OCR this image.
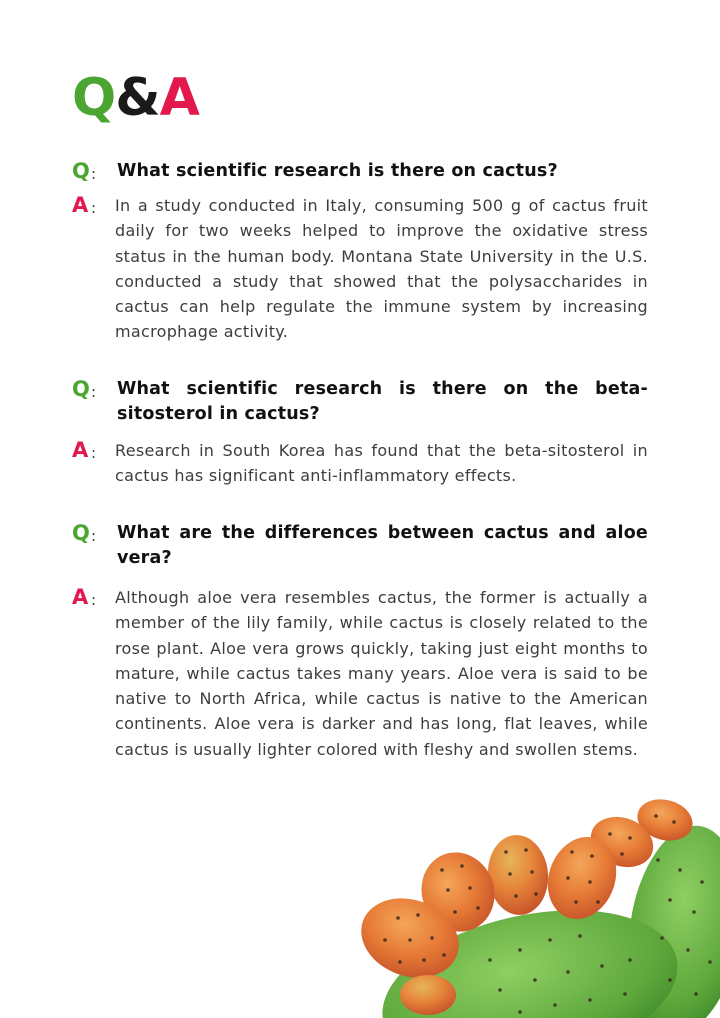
Q&A
Q : What scientific research is there on cactus?
A : In a study conducted in Italy, consuming 500 g of cactus fruit daily for two weeks helped to improve the oxidative stress status in the human body. Montana State University in the U.S. conducted a study that showed that the polysaccharides in cactus can help regulate the immune system by increasing macrophage activity.
Q : What scientific research is there on the beta-sitosterol in cactus?
A : Research in South Korea has found that the beta-sitosterol in cactus has significant anti-inflammatory effects.
Q : What are the differences between cactus and aloe vera?
A : Although aloe vera resembles cactus, the former is actually a member of the lily family, while cactus is closely related to the rose plant. Aloe vera grows quickly, taking just eight months to mature, while cactus takes many years. Aloe vera is said to be native to North Africa, while cactus is native to the American continents. Aloe vera is darker and has long, flat leaves, while cactus is usually lighter colored with fleshy and swollen stems.
